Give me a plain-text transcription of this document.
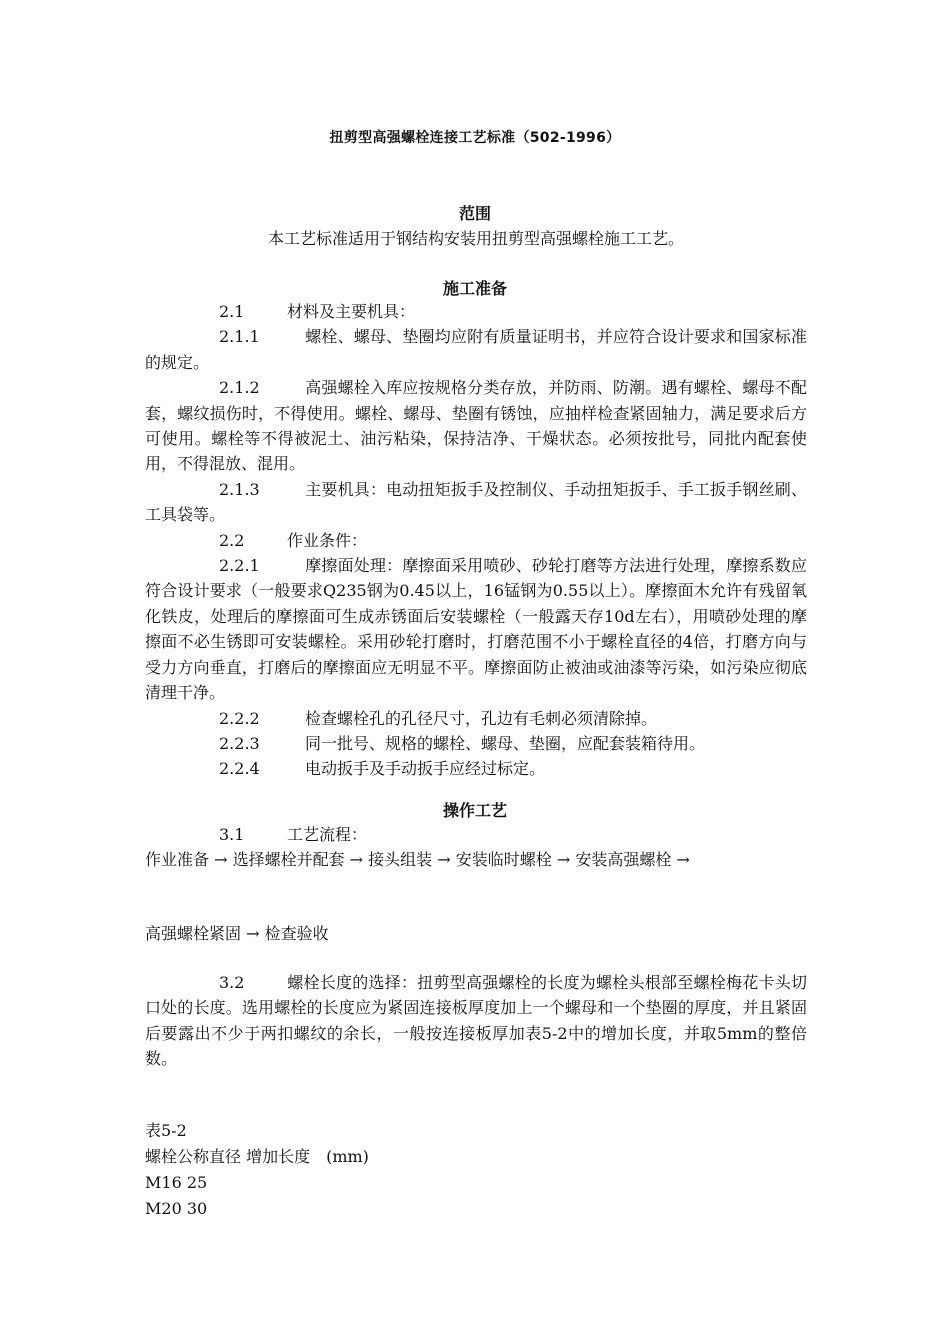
扭剪型高强螺栓连接工艺标准（502-1996）
范围

本工艺标准适用于钢结构安装用扭剪型高强螺栓施工工艺。

施工准备

2.1	材料及主要机具：

2.1.1	螺栓、螺母、垫圈均应附有质量证明书，并应符合设计要求和国家标准的规定。

2.1.2	高强螺栓入库应按规格分类存放，并防雨、防潮。遇有螺栓、螺母不配套，螺纹损伤时，不得使用。螺栓、螺母、垫圈有锈蚀，应抽样检查紧固轴力，满足要求后方可使用。螺栓等不得被泥土、油污粘染，保持洁净、干燥状态。必须按批号，同批内配套使用，不得混放、混用。

2.1.3	主要机具：电动扭矩扳手及控制仪、手动扭矩扳手、手工扳手钢丝刷、工具袋等。

2.2	作业条件：

2.2.1	摩擦面处理：摩擦面采用喷砂、砂轮打磨等方法进行处理，摩擦系数应符合设计要求（一般要求Q235钢为0.45以上，16锰钢为0.55以上）。摩擦面木允许有残留氧化铁皮，处理后的摩擦面可生成赤锈面后安装螺栓（一般露天存10d左右），用喷砂处理的摩擦面不必生锈即可安装螺栓。采用砂轮打磨时，打磨范围不小于螺栓直径的4倍，打磨方向与受力方向垂直，打磨后的摩擦面应无明显不平。摩擦面防止被油或油漆等污染，如污染应彻底清理干净。

2.2.2	检查螺栓孔的孔径尺寸，孔边有毛刺必须清除掉。

2.2.3	同一批号、规格的螺栓、螺母、垫圈，应配套装箱待用。

2.2.4	电动扳手及手动扳手应经过标定。

操作工艺

3.1	工艺流程：

作业准备 → 选择螺栓并配套 → 接头组装 → 安装临时螺栓 → 安装高强螺栓 →

高强螺栓紧固 → 检查验收

3.2	螺栓长度的选择：扭剪型高强螺栓的长度为螺栓头根部至螺栓梅花卡头切口处的长度。选用螺栓的长度应为紧固连接板厚度加上一个螺母和一个垫圈的厚度，并且紧固后要露出不少于两扣螺纹的余长，一般按连接板厚加表5-2中的增加长度，并取5mm的整倍数。

表5-2

螺栓公称直径 增加长度　(mm)

M16 25

M20 30
